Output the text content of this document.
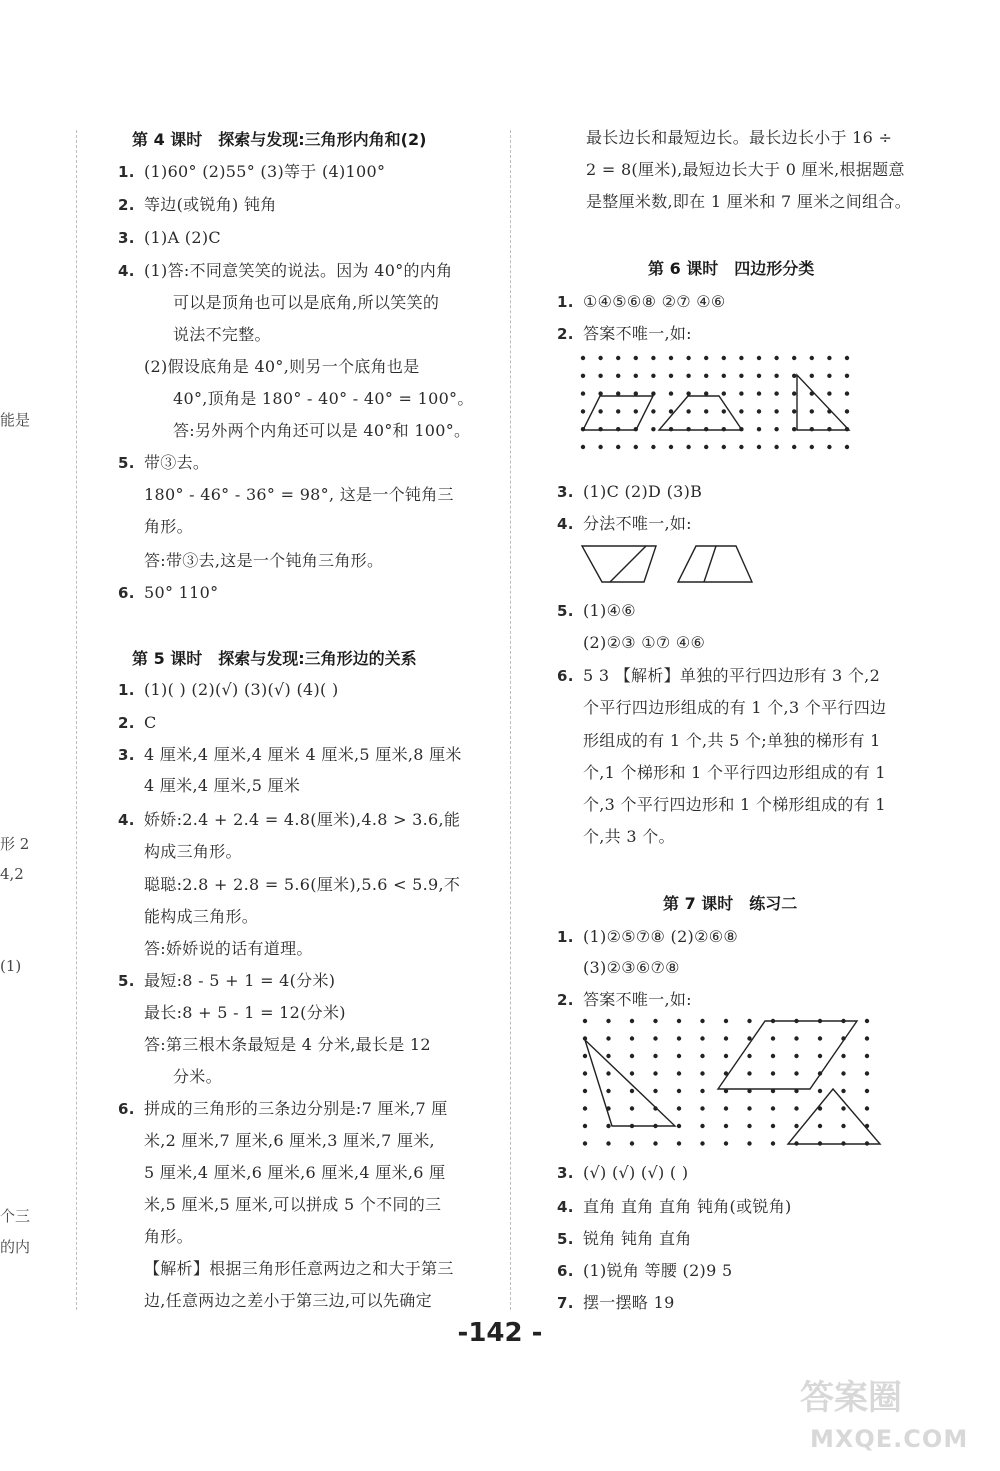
能是
形 2
4,2
(1)
个三
的内
第 4 课时　探索与发现:三角形内角和(2)
1. (1)60° (2)55° (3)等于 (4)100°
2. 等边(或锐角) 钝角
3. (1)A (2)C
4. (1)答:不同意笑笑的说法。因为 40°的内角
可以是顶角也可以是底角,所以笑笑的
说法不完整。
(2)假设底角是 40°,则另一个底角也是
40°,顶角是 180° - 40° - 40° = 100°。
答:另外两个内角还可以是 40°和 100°。
5. 带③去。
180° - 46° - 36° = 98°, 这是一个钝角三
角形。
答:带③去,这是一个钝角三角形。
6. 50° 110°
第 5 课时　探索与发现:三角形边的关系
1. (1)( ) (2)(√) (3)(√) (4)( )
2. C
3. 4 厘米,4 厘米,4 厘米 4 厘米,5 厘米,8 厘米
4 厘米,4 厘米,5 厘米
4. 娇娇:2.4 + 2.4 = 4.8(厘米),4.8 > 3.6,能
构成三角形。
聪聪:2.8 + 2.8 = 5.6(厘米),5.6 < 5.9,不
能构成三角形。
答:娇娇说的话有道理。
5. 最短:8 - 5 + 1 = 4(分米)
最长:8 + 5 - 1 = 12(分米)
答:第三根木条最短是 4 分米,最长是 12
分米。
6. 拼成的三角形的三条边分别是:7 厘米,7 厘
米,2 厘米,7 厘米,6 厘米,3 厘米,7 厘米,
5 厘米,4 厘米,6 厘米,6 厘米,4 厘米,6 厘
米,5 厘米,5 厘米,可以拼成 5 个不同的三
角形。
【解析】根据三角形任意两边之和大于第三
边,任意两边之差小于第三边,可以先确定
最长边长和最短边长。最长边长小于 16 ÷
2 = 8(厘米),最短边长大于 0 厘米,根据题意
是整厘米数,即在 1 厘米和 7 厘米之间组合。
第 6 课时　四边形分类
1. ①④⑤⑥⑧ ②⑦ ④⑥
2. 答案不唯一,如:
3. (1)C (2)D (3)B
4. 分法不唯一,如:
5. (1)④⑥
(2)②③ ①⑦ ④⑥
6. 5 3 【解析】单独的平行四边形有 3 个,2
个平行四边形组成的有 1 个,3 个平行四边
形组成的有 1 个,共 5 个;单独的梯形有 1
个,1 个梯形和 1 个平行四边形组成的有 1
个,3 个平行四边形和 1 个梯形组成的有 1
个,共 3 个。
第 7 课时　练习二
1. (1)②⑤⑦⑧ (2)②⑥⑧
(3)②③⑥⑦⑧
2. 答案不唯一,如:
3. (√) (√) (√) ( )
4. 直角 直角 直角 钝角(或锐角)
5. 锐角 钝角 直角
6. (1)锐角 等腰 (2)9 5
7. 摆一摆略 19
-142 -
答案圈
MXQE.COM
